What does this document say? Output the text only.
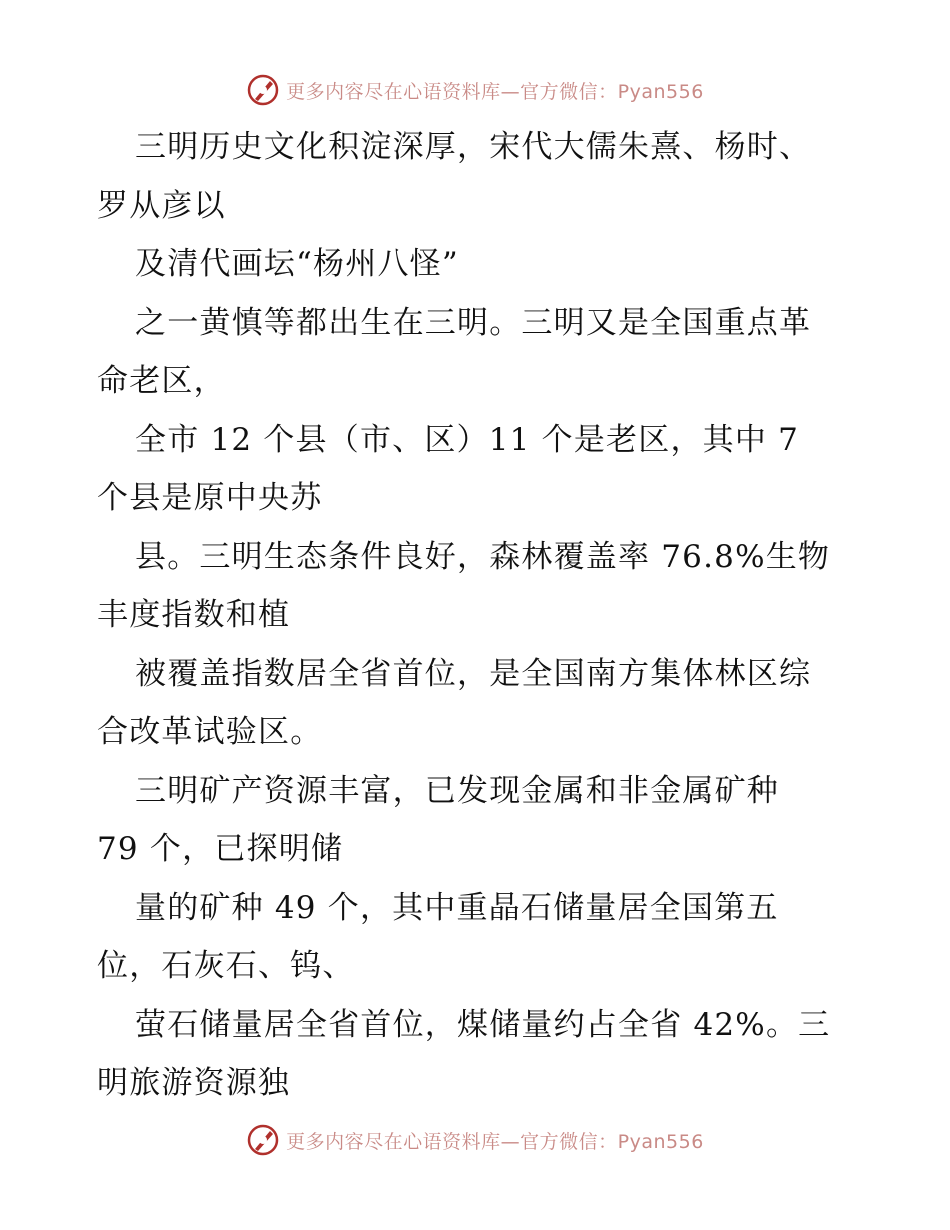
更多内容尽在心语资料库—官方微信：Pyan556
三明历史文化积淀深厚，宋代大儒朱熹、杨时、
罗从彦以
及清代画坛“杨州八怪”
之一黄慎等都出生在三明。三明又是全国重点革
命老区，
全市 12 个县（市、区）11 个是老区，其中 7
个县是原中央苏
县。三明生态条件良好，森林覆盖率 76.8%生物
丰度指数和植
被覆盖指数居全省首位，是全国南方集体林区综
合改革试验区。
三明矿产资源丰富，已发现金属和非金属矿种
79 个，已探明储
量的矿种 49 个，其中重晶石储量居全国第五
位，石灰石、钨、
萤石储量居全省首位，煤储量约占全省 42%。三
明旅游资源独
更多内容尽在心语资料库—官方微信：Pyan556
